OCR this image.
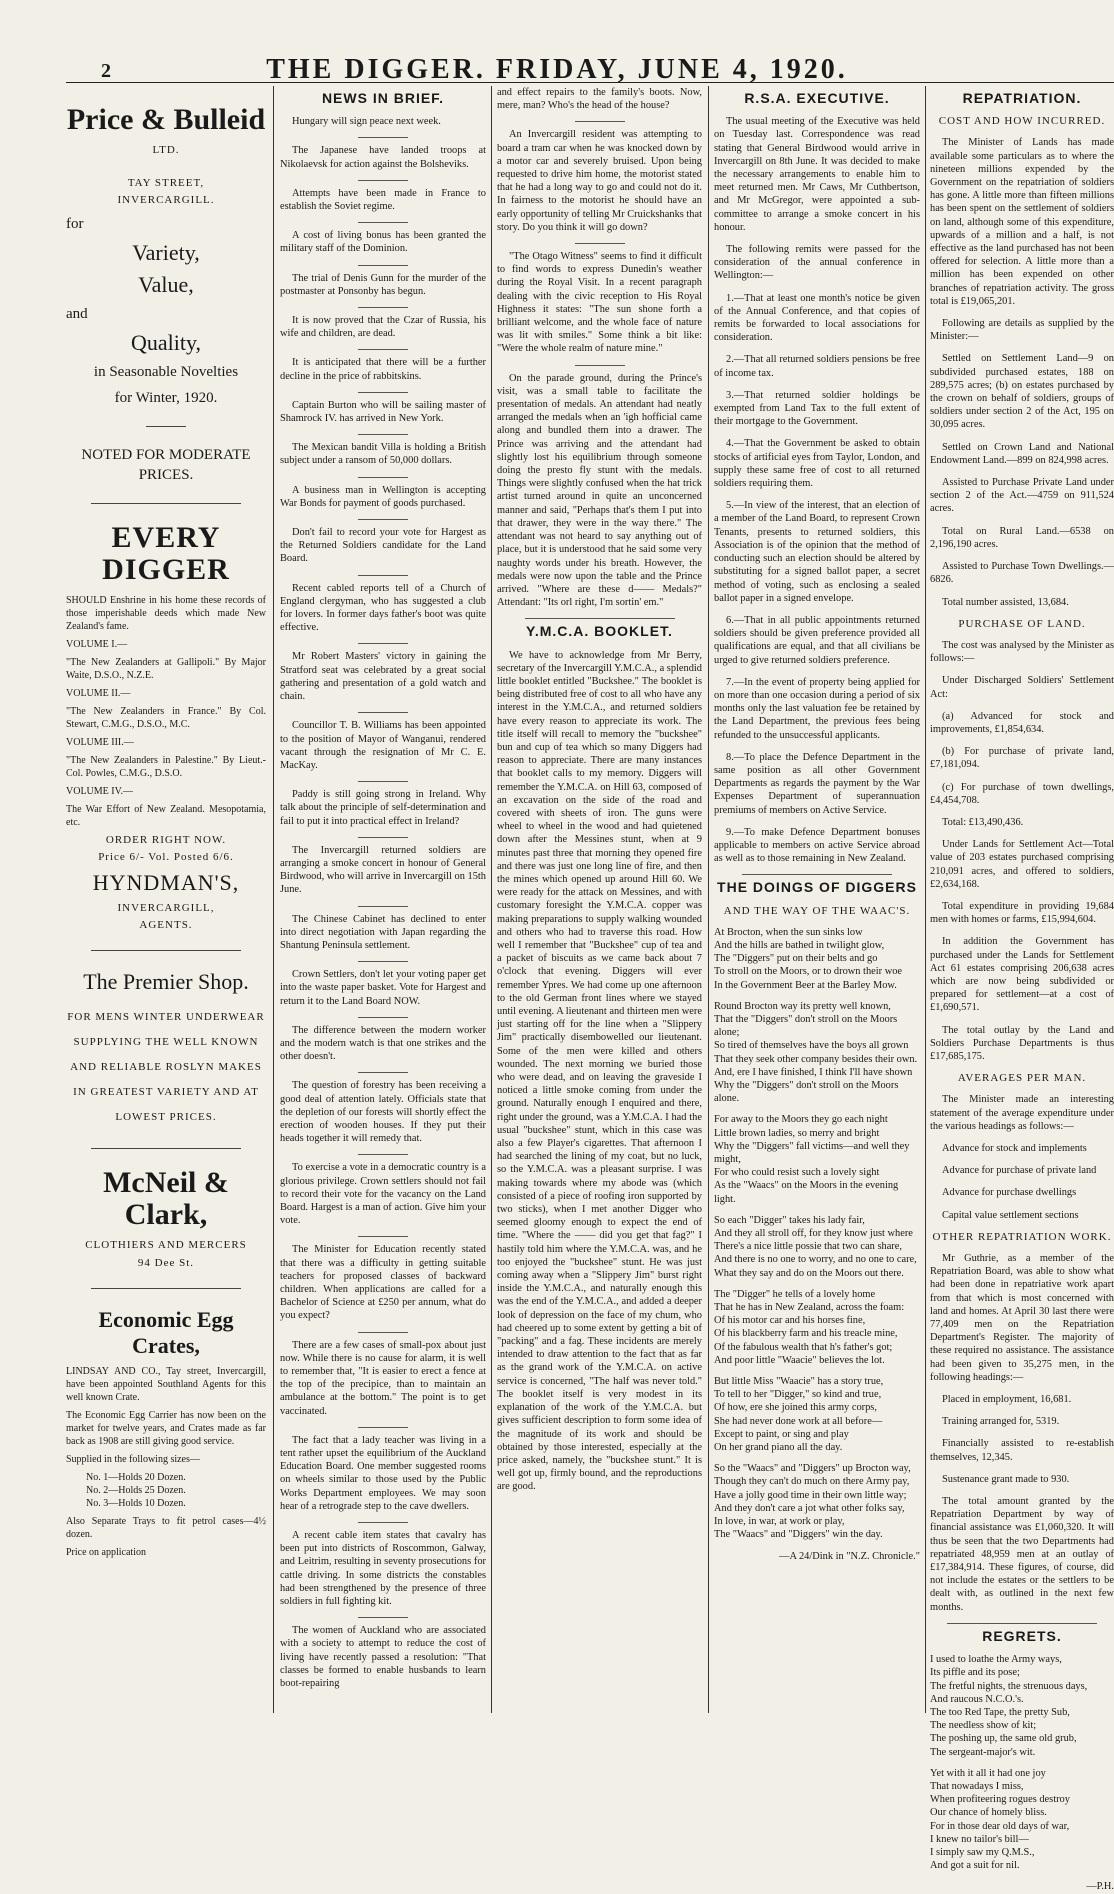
2	THE DIGGER. FRIDAY, JUNE 4, 1920.
Price & Bulleid
LTD.
TAY STREET,
INVERCARGILL.
for
Variety,
Value,
and
Quality,
in Seasonable Novelties
for Winter, 1920.
NOTED FOR MODERATE PRICES.
EVERY DIGGER

SHOULD Enshrine in his home these records of those imperishable deeds which made New Zealand's fame.

VOLUME I.—

"The New Zealanders at Gallipoli." By Major Waite, D.S.O., N.Z.E.

VOLUME II.—

"The New Zealanders in France." By Col. Stewart, C.M.G., D.S.O., M.C.

VOLUME III.—

"The New Zealanders in Palestine." By Lieut.-Col. Powles, C.M.G., D.S.O.

VOLUME IV.—

The War Effort of New Zealand. Mesopotamia, etc.

ORDER RIGHT NOW.
Price 6/- Vol. Posted 6/6.
HYNDMAN'S,
INVERCARGILL,
AGENTS.
The Premier Shop.
FOR MENS WINTER UNDERWEAR SUPPLYING THE WELL KNOWN AND RELIABLE ROSLYN MAKES IN GREATEST VARIETY AND AT LOWEST PRICES.
McNeil & Clark,
CLOTHIERS AND MERCERS
94 Dee St.
Economic Egg Crates,

LINDSAY AND CO., Tay street, Invercargill, have been appointed Southland Agents for this well known Crate.

The Economic Egg Carrier has now been on the market for twelve years, and Crates made as far back as 1908 are still giving good service.

Supplied in the following sizes—

No. 1—Holds 20 Dozen.

No. 2—Holds 25 Dozen.

No. 3—Holds 10 Dozen.

Also Separate Trays to fit petrol cases—4½ dozen.

Price on application

NEWS IN BRIEF.

Hungary will sign peace next week.

The Japanese have landed troops at Nikolaevsk for action against the Bolsheviks.

Attempts have been made in France to establish the Soviet regime.

A cost of living bonus has been granted the military staff of the Dominion.

The trial of Denis Gunn for the murder of the postmaster at Ponsonby has begun.

It is now proved that the Czar of Russia, his wife and children, are dead.

It is anticipated that there will be a further decline in the price of rabbitskins.

Captain Burton who will be sailing master of Shamrock IV. has arrived in New York.

The Mexican bandit Villa is holding a British subject under a ransom of 50,000 dollars.

A business man in Wellington is accepting War Bonds for payment of goods purchased.

Don't fail to record your vote for Hargest as the Returned Soldiers candidate for the Land Board.

Recent cabled reports tell of a Church of England clergyman, who has suggested a club for lovers. In former days father's boot was quite effective.

Mr Robert Masters' victory in gaining the Stratford seat was celebrated by a great social gathering and presentation of a gold watch and chain.

Councillor T. B. Williams has been appointed to the position of Mayor of Wanganui, rendered vacant through the resignation of Mr C. E. MacKay.

Paddy is still going strong in Ireland. Why talk about the principle of self-determination and fail to put it into practical effect in Ireland?

The Invercargill returned soldiers are arranging a smoke concert in honour of General Birdwood, who will arrive in Invercargill on 15th June.

The Chinese Cabinet has declined to enter into direct negotiation with Japan regarding the Shantung Peninsula settlement.

Crown Settlers, don't let your voting paper get into the waste paper basket. Vote for Hargest and return it to the Land Board NOW.

The difference between the modern worker and the modern watch is that one strikes and the other doesn't.

The question of forestry has been receiving a good deal of attention lately. Officials state that the depletion of our forests will shortly effect the erection of wooden houses. If they put their heads together it will remedy that.

To exercise a vote in a democratic country is a glorious privilege. Crown settlers should not fail to record their vote for the vacancy on the Land Board. Hargest is a man of action. Give him your vote.

The Minister for Education recently stated that there was a difficulty in getting suitable teachers for proposed classes of backward children. When applications are called for a Bachelor of Science at £250 per annum, what do you expect?

There are a few cases of small-pox about just now. While there is no cause for alarm, it is well to remember that, "It is easier to erect a fence at the top of the precipice, than to maintain an ambulance at the bottom." The point is to get vaccinated.

The fact that a lady teacher was living in a tent rather upset the equilibrium of the Auckland Education Board. One member suggested rooms on wheels similar to those used by the Public Works Department employees. We may soon hear of a retrograde step to the cave dwellers.

A recent cable item states that cavalry has been put into districts of Roscommon, Galway, and Leitrim, resulting in seventy prosecutions for cattle driving. In some districts the constables had been strengthened by the presence of three soldiers in full fighting kit.

The women of Auckland who are associated with a society to attempt to reduce the cost of living have recently passed a resolution: "That classes be formed to enable husbands to learn boot-repairing

and effect repairs to the family's boots. Now, mere, man? Who's the head of the house?

An Invercargill resident was attempting to board a tram car when he was knocked down by a motor car and severely bruised. Upon being requested to drive him home, the motorist stated that he had a long way to go and could not do it. In fairness to the motorist he should have an early opportunity of telling Mr Cruickshanks that story. Do you think it will go down?

"The Otago Witness" seems to find it difficult to find words to express Dunedin's weather during the Royal Visit. In a recent paragraph dealing with the civic reception to His Royal Highness it states: "The sun shone forth a brilliant welcome, and the whole face of nature was lit with smiles." Some think a bit like: "Were the whole realm of nature mine."

On the parade ground, during the Prince's visit, was a small table to facilitate the presentation of medals. An attendant had neatly arranged the medals when an 'igh hofficial came along and bundled them into a drawer. The Prince was arriving and the attendant had slightly lost his equilibrium through someone doing the presto fly stunt with the medals. Things were slightly confused when the hat trick artist turned around in quite an unconcerned manner and said, "Perhaps that's them I put into that drawer, they were in the way there." The attendant was not heard to say anything out of place, but it is understood that he said some very naughty words under his breath. However, the medals were now upon the table and the Prince arrived. "Where are these d—— Medals?" Attendant: "Its orl right, I'm sortin' em."

Y.M.C.A. BOOKLET.

We have to acknowledge from Mr Berry, secretary of the Invercargill Y.M.C.A., a splendid little booklet entitled "Buckshee." The booklet is being distributed free of cost to all who have any interest in the Y.M.C.A., and returned soldiers have every reason to appreciate its work. The title itself will recall to memory the "buckshee" bun and cup of tea which so many Diggers had reason to appreciate. There are many instances that booklet calls to my memory. Diggers will remember the Y.M.C.A. on Hill 63, composed of an excavation on the side of the road and covered with sheets of iron. The guns were wheel to wheel in the wood and had quietened down after the Messines stunt, when at 9 minutes past three that morning they opened fire and there was just one long line of fire, and then the mines which opened up around Hill 60. We were ready for the attack on Messines, and with customary foresight the Y.M.C.A. copper was making preparations to supply walking wounded and others who had to traverse this road. How well I remember that "Buckshee" cup of tea and a packet of biscuits as we came back about 7 o'clock that evening. Diggers will ever remember Ypres. We had come up one afternoon to the old German front lines where we stayed until evening. A lieutenant and thirteen men were just starting off for the line when a "Slippery Jim" practically disembowelled our lieutenant. Some of the men were killed and others wounded. The next morning we buried those who were dead, and on leaving the graveside I noticed a little smoke coming from under the ground. Naturally enough I enquired and there, right under the ground, was a Y.M.C.A. I had the usual "buckshee" stunt, which in this case was also a few Player's cigarettes. That afternoon I had searched the lining of my coat, but no luck, so the Y.M.C.A. was a pleasant surprise. I was making towards where my abode was (which consisted of a piece of roofing iron supported by two sticks), when I met another Digger who seemed gloomy enough to expect the end of time. "Where the —— did you get that fag?" I hastily told him where the Y.M.C.A. was, and he too enjoyed the "buckshee" stunt. He was just coming away when a "Slippery Jim" burst right inside the Y.M.C.A., and naturally enough this was the end of the Y.M.C.A., and added a deeper look of depression on the face of my chum, who had cheered up to some extent by getting a bit of "packing" and a fag. These incidents are merely intended to draw attention to the fact that as far as the grand work of the Y.M.C.A. on active service is concerned, "The half was never told." The booklet itself is very modest in its explanation of the work of the Y.M.C.A. but gives sufficient description to form some idea of the magnitude of its work and should be obtained by those interested, especially at the price asked, namely, the "buckshee stunt." It is well got up, firmly bound, and the reproductions are good.

R.S.A. EXECUTIVE.

The usual meeting of the Executive was held on Tuesday last. Correspondence was read stating that General Birdwood would arrive in Invercargill on 8th June. It was decided to make the necessary arrangements to enable him to meet returned men. Mr Caws, Mr Cuthbertson, and Mr McGregor, were appointed a sub-committee to arrange a smoke concert in his honour.

The following remits were passed for the consideration of the annual conference in Wellington:—

1.—That at least one month's notice be given of the Annual Conference, and that copies of remits be forwarded to local associations for consideration.

2.—That all returned soldiers pensions be free of income tax.

3.—That returned soldier holdings be exempted from Land Tax to the full extent of their mortgage to the Government.

4.—That the Government be asked to obtain stocks of artificial eyes from Taylor, London, and supply these same free of cost to all returned soldiers requiring them.

5.—In view of the interest, that an election of a member of the Land Board, to represent Crown Tenants, presents to returned soldiers, this Association is of the opinion that the method of conducting such an election should be altered by substituting for a signed ballot paper, a secret method of voting, such as enclosing a sealed ballot paper in a signed envelope.

6.—That in all public appointments returned soldiers should be given preference provided all qualifications are equal, and that all civilians be urged to give returned soldiers preference.

7.—In the event of property being applied for on more than one occasion during a period of six months only the last valuation fee be retained by the Land Department, the previous fees being refunded to the unsuccessful applicants.

8.—To place the Defence Department in the same position as all other Government Departments as regards the payment by the War Expenses Department of superannuation premiums of members on Active Service.

9.—To make Defence Department bonuses applicable to members on active Service abroad as well as to those remaining in New Zealand.

THE DOINGS OF DIGGERS
AND THE WAY OF THE WAAC'S.
At Brocton, when the sun sinks low
And the hills are bathed in twilight glow,
The "Diggers" put on their belts and go
To stroll on the Moors, or to drown their woe
In the Government Beer at the Barley Mow.
Round Brocton way its pretty well known,
That the "Diggers" don't stroll on the Moors alone;
So tired of themselves have the boys all grown
That they seek other company besides their own.
And, ere I have finished, I think I'll have shown
Why the "Diggers" don't stroll on the Moors alone.
For away to the Moors they go each night
Little brown ladies, so merry and bright
Why the "Diggers" fall victims—and well they might,
For who could resist such a lovely sight
As the "Waacs" on the Moors in the evening light.
So each "Digger" takes his lady fair,
And they all stroll off, for they know just where
There's a nice little possie that two can share,
And there is no one to worry, and no one to care,
What they say and do on the Moors out there.
The "Digger" he tells of a lovely home
That he has in New Zealand, across the foam:
Of his motor car and his horses fine,
Of his blackberry farm and his treacle mine,
Of the fabulous wealth that h's father's got;
And poor little "Waacie" believes the lot.
But little Miss "Waacie" has a story true,
To tell to her "Digger," so kind and true,
Of how, ere she joined this army corps,
She had never done work at all before—
Except to paint, or sing and play
On her grand piano all the day.
So the "Waacs" and "Diggers" up Brocton way,
Though they can't do much on there Army pay,
Have a jolly good time in their own little way;
And they don't care a jot what other folks say,
In love, in war, at work or play,
The "Waacs" and "Diggers" win the day.
—A 24/Dink in "N.Z. Chronicle."
REPATRIATION.
COST AND HOW INCURRED.

The Minister of Lands has made available some particulars as to where the nineteen millions expended by the Government on the repatriation of soldiers has gone. A little more than fifteen millions has been spent on the settlement of soldiers on land, although some of this expenditure, upwards of a million and a half, is not effective as the land purchased has not been offered for selection. A little more than a million has been expended on other branches of repatriation activity. The gross total is £19,065,201.

Following are details as supplied by the Minister:—

Settled on Settlement Land—9 on subdivided purchased estates, 188 on 289,575 acres; (b) on estates purchased by the crown on behalf of soldiers, groups of soldiers under section 2 of the Act, 195 on 30,095 acres.

Settled on Crown Land and National Endowment Land.—899 on 824,998 acres.

Assisted to Purchase Private Land under section 2 of the Act.—4759 on 911,524 acres.

Total on Rural Land.—6538 on 2,196,190 acres.

Assisted to Purchase Town Dwellings.—6826.

Total number assisted, 13,684.

PURCHASE OF LAND.

The cost was analysed by the Minister as follows:—

Under Discharged Soldiers' Settlement Act:

(a) Advanced for stock and improvements, £1,854,634.

(b) For purchase of private land, £7,181,094.

(c) For purchase of town dwellings, £4,454,708.

Total: £13,490,436.

Under Lands for Settlement Act—Total value of 203 estates purchased comprising 210,091 acres, and offered to soldiers, £2,634,168.

Total expenditure in providing 19,684 men with homes or farms, £15,994,604.

In addition the Government has purchased under the Lands for Settlement Act 61 estates comprising 206,638 acres which are now being subdivided or prepared for settlement—at a cost of £1,690,571.

The total outlay by the Land and Soldiers Purchase Departments is thus £17,685,175.

AVERAGES PER MAN.

The Minister made an interesting statement of the average expenditure under the various headings as follows:—

Advance for stock and implements

Advance for purchase of private land

Advance for purchase dwellings

Capital value settlement sections

OTHER REPATRIATION WORK.

Mr Guthrie, as a member of the Repatriation Board, was able to show what had been done in repatriative work apart from that which is most concerned with land and homes. At April 30 last there were 77,409 men on the Repatriation Department's Register. The majority of these required no assistance. The assistance had been given to 35,275 men, in the following headings:—

Placed in employment, 16,681.

Training arranged for, 5319.

Financially assisted to re-establish themselves, 12,345.

Sustenance grant made to 930.

The total amount granted by the Repatriation Department by way of financial assistance was £1,060,320. It will thus be seen that the two Departments had repatriated 48,959 men at an outlay of £17,384,914. These figures, of course, did not include the estates or the settlers to be dealt with, as outlined in the next few months.

REGRETS.
I used to loathe the Army ways,
Its piffle and its pose;
The fretful nights, the strenuous days,
And raucous N.C.O.'s.
The too Red Tape, the pretty Sub,
The needless show of kit;
The poshing up, the same old grub,
The sergeant-major's wit.
Yet with it all it had one joy
That nowadays I miss,
When profiteering rogues destroy
Our chance of homely bliss.
For in those dear old days of war,
I knew no tailor's bill—
I simply saw my Q.M.S.,
And got a suit for nil.
—P.H.
